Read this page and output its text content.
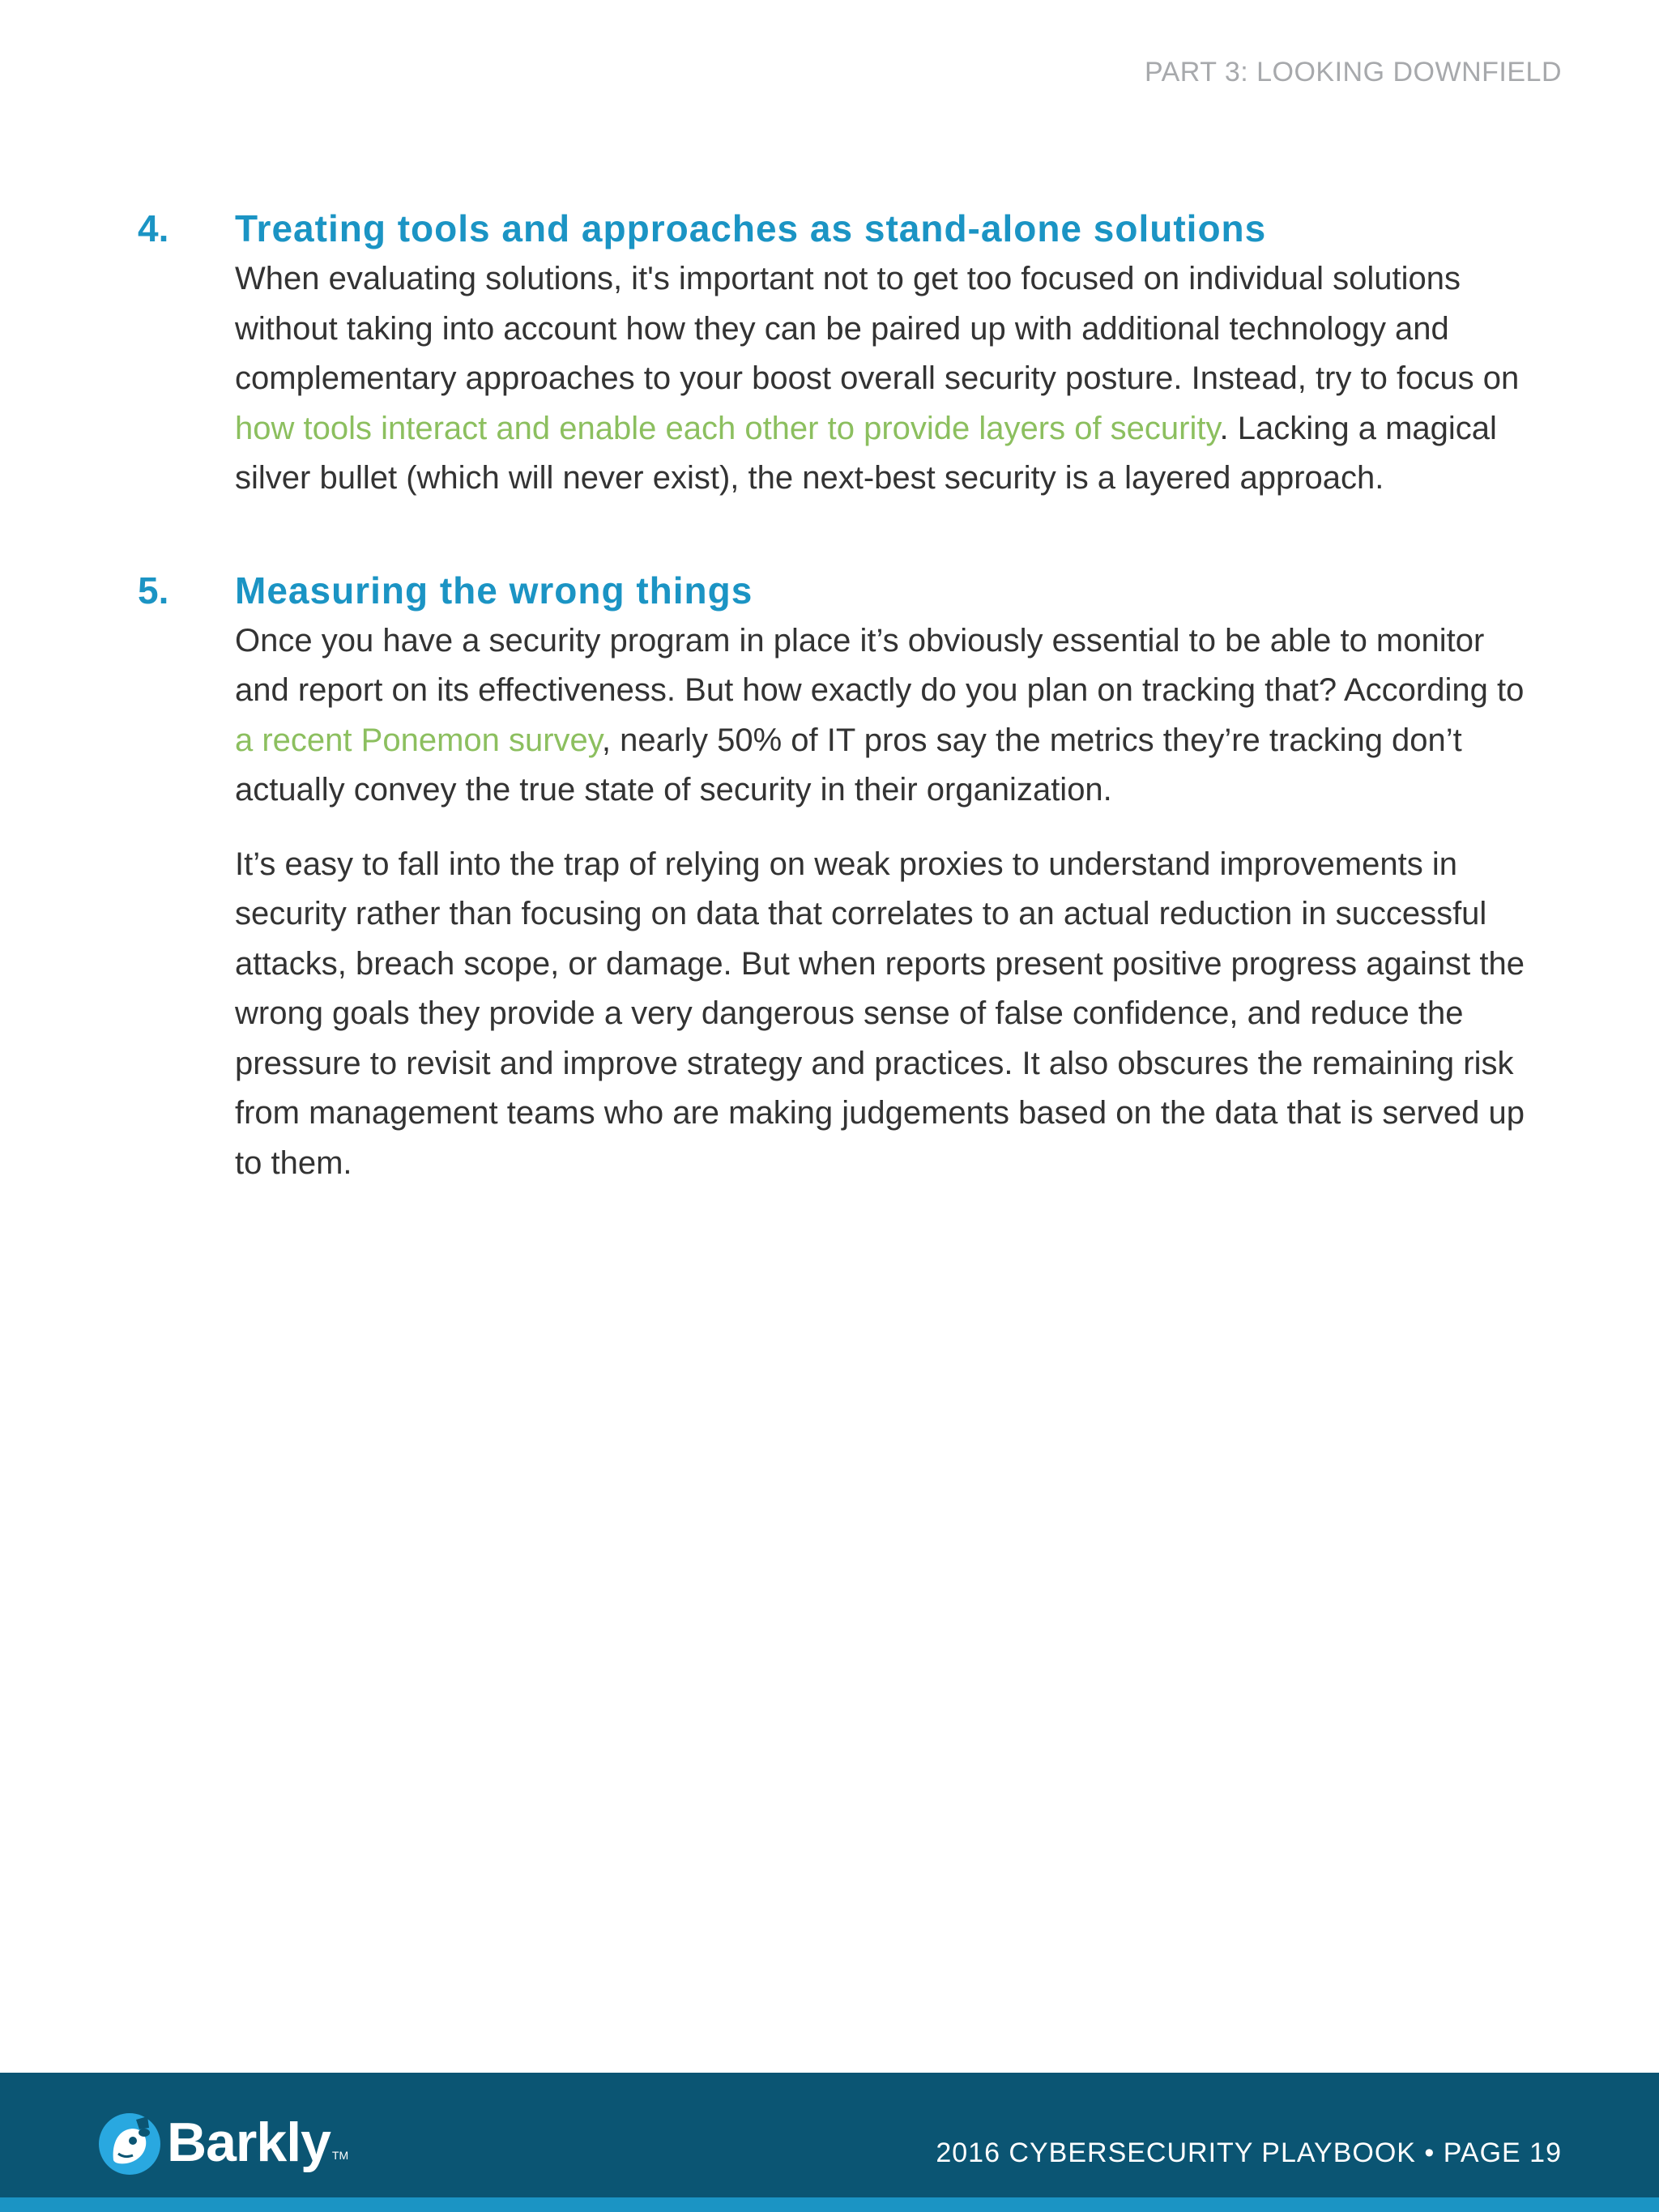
PART 3: LOOKING DOWNFIELD
4. Treating tools and approaches as stand-alone solutions

When evaluating solutions, it's important not to get too focused on individual solutions without taking into account how they can be paired up with additional technology and complementary approaches to your boost overall security posture. Instead, try to focus on how tools interact and enable each other to provide layers of security. Lacking a magical silver bullet (which will never exist), the next-best security is a layered approach.

5. Measuring the wrong things

Once you have a security program in place it’s obviously essential to be able to monitor and report on its effectiveness. But how exactly do you plan on tracking that? According to a recent Ponemon survey, nearly 50% of IT pros say the metrics they’re tracking don’t actually convey the true state of security in their organization.

It’s easy to fall into the trap of relying on weak proxies to understand improvements in security rather than focusing on data that correlates to an actual reduction in successful attacks, breach scope, or damage. But when reports present positive progress against the wrong goals they provide a very dangerous sense of false confidence, and reduce the pressure to revisit and improve strategy and practices. It also obscures the remaining risk from management teams who are making judgements based on the data that is served up to them.

Barkly TM	2016 CYBERSECURITY PLAYBOOK • PAGE 19
